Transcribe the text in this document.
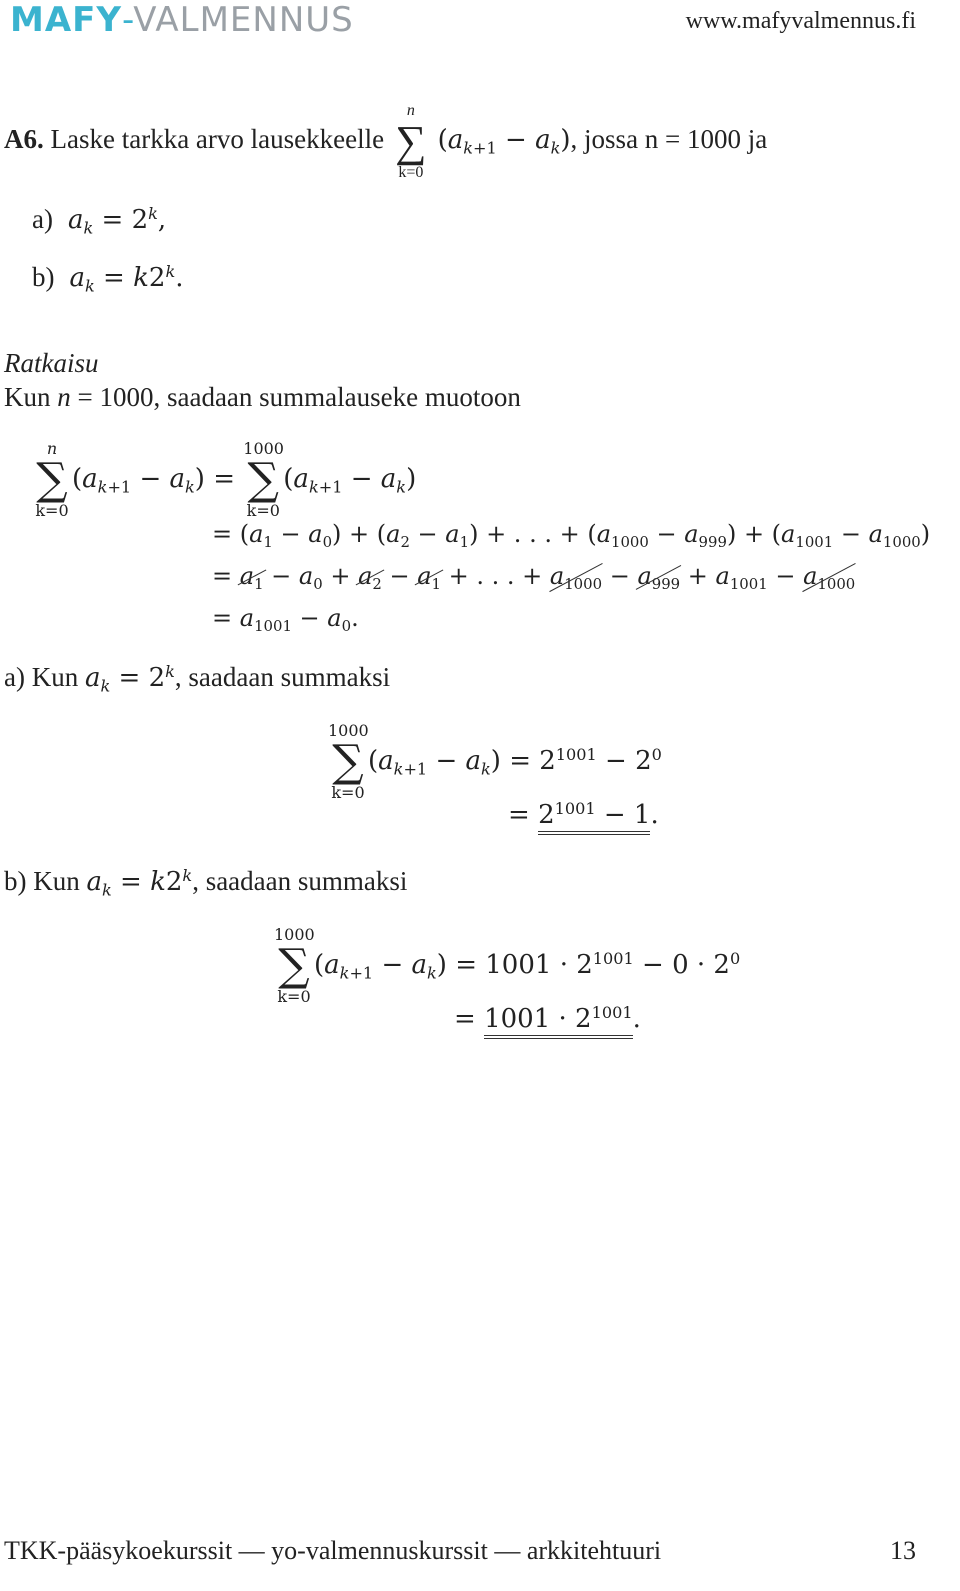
MAFY-VALMENNUS	www.mafyvalmennus.fi
A6. Laske tarkka arvo lausekkeelle
n
∑
k=0
$(a_{k+1} - a_k)$, jossa n = 1000 ja
a) $a_k = 2^k$,
b) $a_k = k2^k$.
Ratkaisu
Kun n = 1000, saadaan summalauseke muotoon
n
∑
k=0
$(a_{k+1} - a_k)$ =
1000
∑
k=0
$(a_{k+1} - a_k)$
= $(a_1 - a_0) + (a_2 - a_1)$ + . . . + $(a_{1000} - a_{999}) + (a_{1001} - a_{1000})$
= $a_1 - a_0 + a_2 - a_1$ + . . . + $a_{1000} - a_{999} + a_{1001} - a_{1000}$
= $a_{1001} - a_0$.
a) Kun $a_k = 2^k$, saadaan summaksi
1000
∑
k=0
$(a_{k+1} - a_k) = 2^{1001} - 2^0$
= $2^{1001} - 1$.
b) Kun $a_k = k2^k$, saadaan summaksi
1000
∑
k=0
$(a_{k+1} - a_k) = 1001 \cdot 2^{1001} - 0 \cdot 2^0$
= $1001 \cdot 2^{1001}$.
TKK-pääsykoekurssit — yo-valmennuskurssit — arkkitehtuuri	13
